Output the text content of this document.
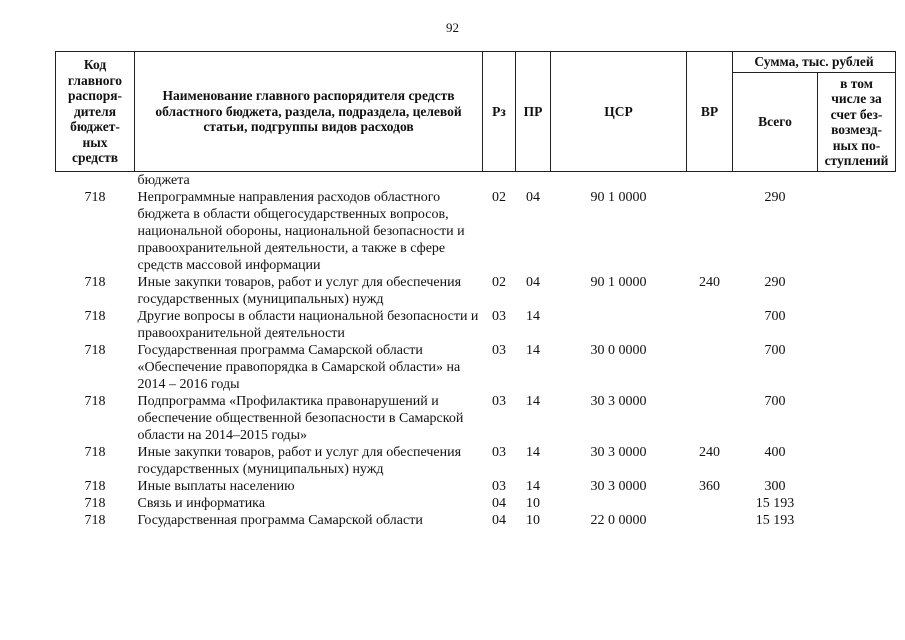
92
Код главного распоря-дителя бюджет-ных средств	Наименование главного распорядителя средств областного бюджета, раздела, подраздела, целевой статьи, подгруппы видов расходов	Рз	ПР	ЦСР	ВР	Сумма, тыс. рублей	
						Всего	в том числе за счет без-возмезд-ных по-ступлений
	бюджета						
718	Непрограммные направления расходов областного бюджета в области общегосударственных вопросов, национальной обороны, национальной безопасности и правоохранительной деятельности, а также в сфере средств массовой информации	02	04	90 1 0000		290	
718	Иные закупки товаров, работ и услуг для обеспечения государственных (муниципальных) нужд	02	04	90 1 0000	240	290	
718	Другие вопросы в области национальной безопасности и правоохранительной деятельности	03	14			700	
718	Государственная программа Самарской области «Обеспечение правопорядка в Самарской области» на 2014 – 2016 годы	03	14	30 0 0000		700	
718	Подпрограмма «Профилактика правонарушений и обеспечение общественной безопасности в Самарской области на 2014–2015 годы»	03	14	30 3 0000		700	
718	Иные закупки товаров, работ и услуг для обеспечения государственных (муниципальных) нужд	03	14	30 3 0000	240	400	
718	Иные выплаты населению	03	14	30 3 0000	360	300	
718	Связь и информатика	04	10			15 193	
718	Государственная программа Самарской области	04	10	22 0 0000		15 193	
